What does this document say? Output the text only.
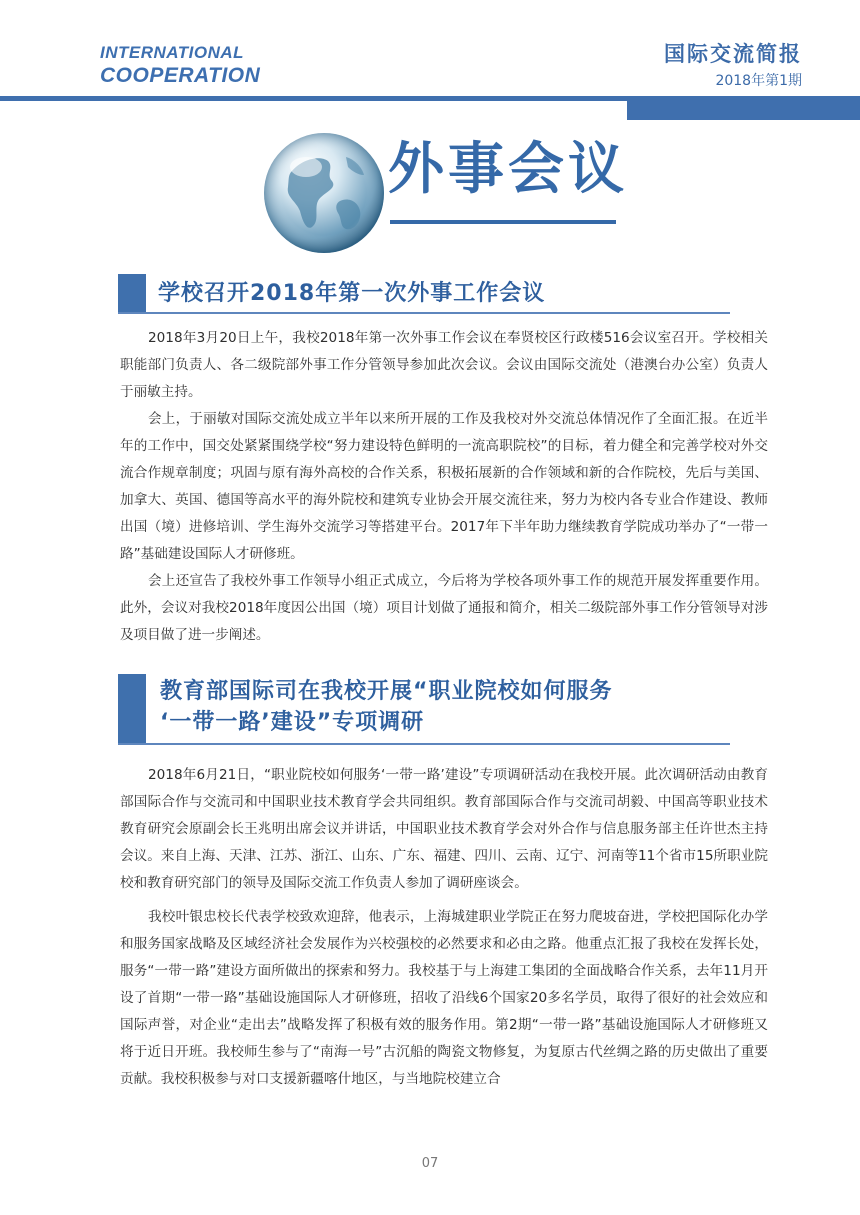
INTERNATIONAL
COOPERATION
国际交流简报
2018年第1期
外事会议
学校召开2018年第一次外事工作会议

2018年3月20日上午，我校2018年第一次外事工作会议在奉贤校区行政楼516会议室召开。学校相关职能部门负责人、各二级院部外事工作分管领导参加此次会议。会议由国际交流处（港澳台办公室）负责人于丽敏主持。

会上，于丽敏对国际交流处成立半年以来所开展的工作及我校对外交流总体情况作了全面汇报。在近半年的工作中，国交处紧紧围绕学校“努力建设特色鲜明的一流高职院校”的目标，着力健全和完善学校对外交流合作规章制度；巩固与原有海外高校的合作关系，积极拓展新的合作领域和新的合作院校，先后与美国、加拿大、英国、德国等高水平的海外院校和建筑专业协会开展交流往来，努力为校内各专业合作建设、教师出国（境）进修培训、学生海外交流学习等搭建平台。2017年下半年助力继续教育学院成功举办了“一带一路”基础建设国际人才研修班。

会上还宣告了我校外事工作领导小组正式成立，今后将为学校各项外事工作的规范开展发挥重要作用。此外，会议对我校2018年度因公出国（境）项目计划做了通报和简介，相关二级院部外事工作分管领导对涉及项目做了进一步阐述。

教育部国际司在我校开展“职业院校如何服务
‘一带一路’建设”专项调研

2018年6月21日，“职业院校如何服务‘一带一路’建设”专项调研活动在我校开展。此次调研活动由教育部国际合作与交流司和中国职业技术教育学会共同组织。教育部国际合作与交流司胡毅、中国高等职业技术教育研究会原副会长王兆明出席会议并讲话，中国职业技术教育学会对外合作与信息服务部主任许世杰主持会议。来自上海、天津、江苏、浙江、山东、广东、福建、四川、云南、辽宁、河南等11个省市15所职业院校和教育研究部门的领导及国际交流工作负责人参加了调研座谈会。

我校叶银忠校长代表学校致欢迎辞，他表示，上海城建职业学院正在努力爬坡奋进，学校把国际化办学和服务国家战略及区域经济社会发展作为兴校强校的必然要求和必由之路。他重点汇报了我校在发挥长处，服务“一带一路”建设方面所做出的探索和努力。我校基于与上海建工集团的全面战略合作关系，去年11月开设了首期“一带一路”基础设施国际人才研修班，招收了沿线6个国家20多名学员，取得了很好的社会效应和国际声誉，对企业“走出去”战略发挥了积极有效的服务作用。第2期“一带一路”基础设施国际人才研修班又将于近日开班。我校师生参与了“南海一号”古沉船的陶瓷文物修复，为复原古代丝绸之路的历史做出了重要贡献。我校积极参与对口支援新疆喀什地区，与当地院校建立合

07
